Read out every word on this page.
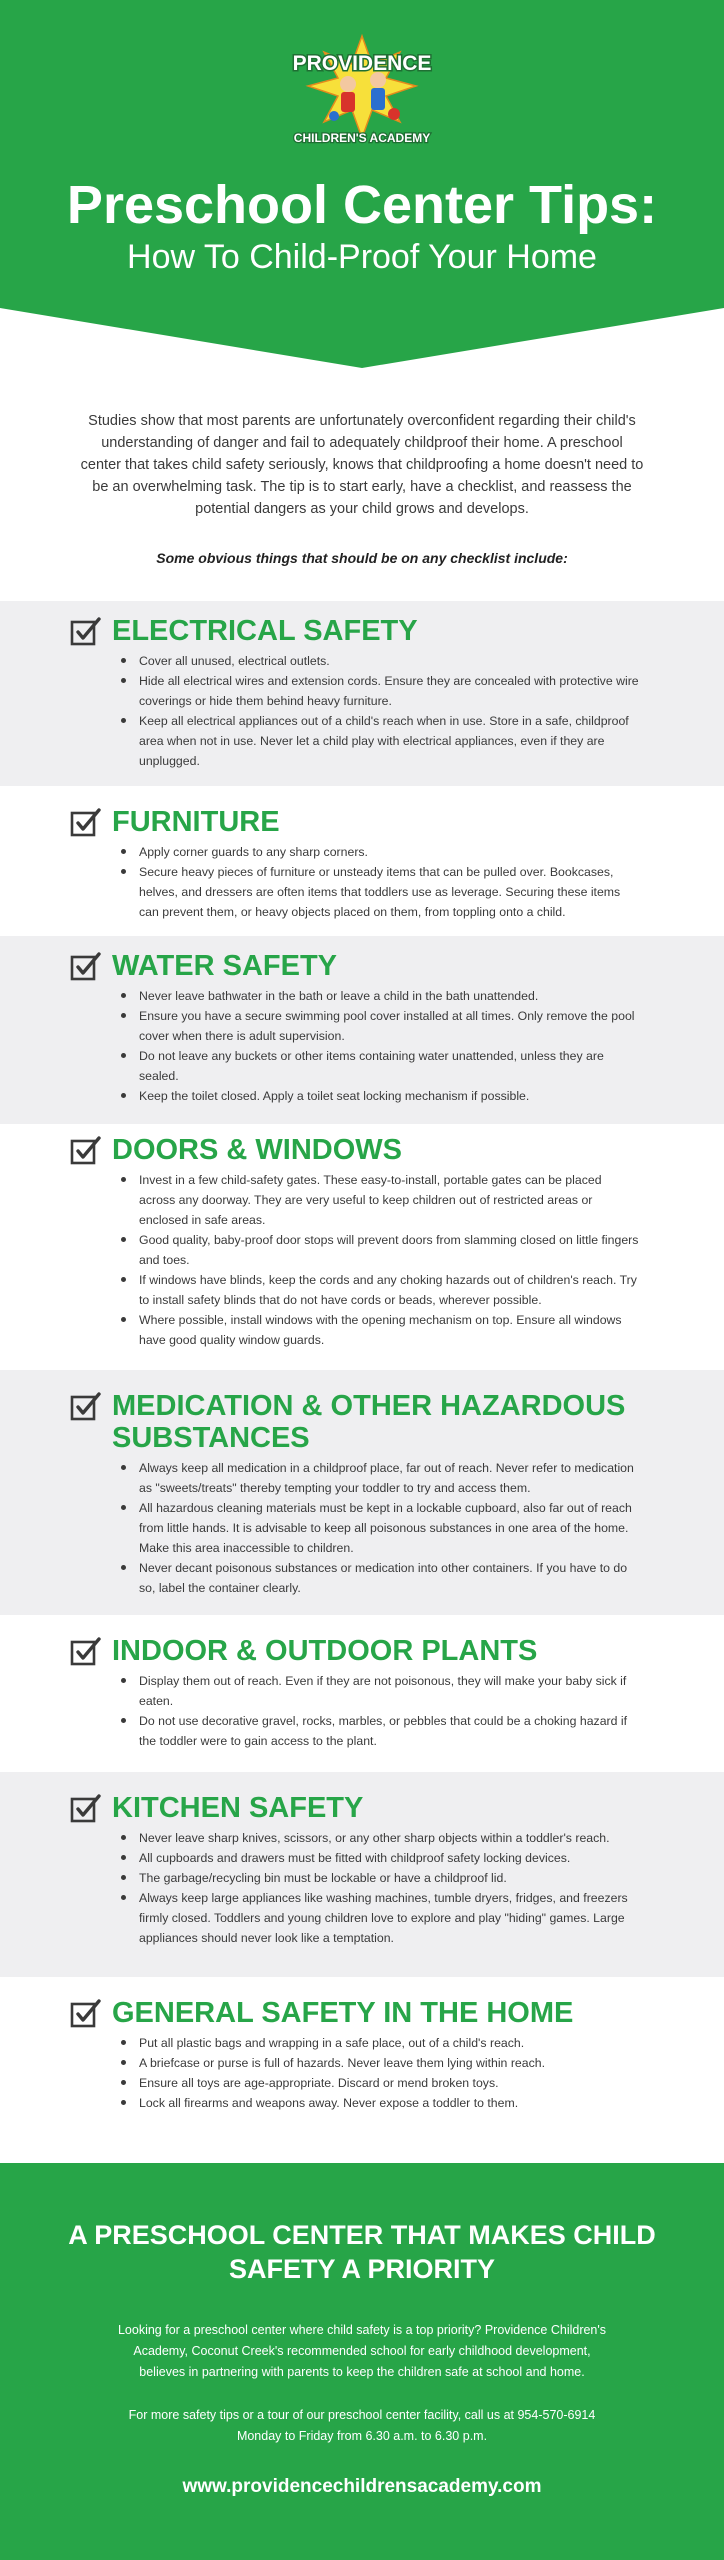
PROVIDENCE
CHILDREN'S ACADEMY
Preschool Center Tips:
How To Child-Proof Your Home

Studies show that most parents are unfortunately overconfident regarding their child's understanding of danger and fail to adequately childproof their home. A preschool center that takes child safety seriously, knows that childproofing a home doesn't need to be an overwhelming task. The tip is to start early, have a checklist, and reassess the potential dangers as your child grows and develops.

Some obvious things that should be on any checklist include:

ELECTRICAL SAFETY
Cover all unused, electrical outlets.
Hide all electrical wires and extension cords. Ensure they are concealed with protective wire coverings or hide them behind heavy furniture.
Keep all electrical appliances out of a child's reach when in use. Store in a safe, childproof area when not in use. Never let a child play with electrical appliances, even if they are unplugged.
FURNITURE
Apply corner guards to any sharp corners.
Secure heavy pieces of furniture or unsteady items that can be pulled over. Bookcases, helves, and dressers are often items that toddlers use as leverage. Securing these items can prevent them, or heavy objects placed on them, from toppling onto a child.
WATER SAFETY
Never leave bathwater in the bath or leave a child in the bath unattended.
Ensure you have a secure swimming pool cover installed at all times. Only remove the pool cover when there is adult supervision.
Do not leave any buckets or other items containing water unattended, unless they are sealed.
Keep the toilet closed. Apply a toilet seat locking mechanism if possible.
DOORS & WINDOWS
Invest in a few child-safety gates. These easy-to-install, portable gates can be placed across any doorway. They are very useful to keep children out of restricted areas or enclosed in safe areas.
Good quality, baby-proof door stops will prevent doors from slamming closed on little fingers and toes.
If windows have blinds, keep the cords and any choking hazards out of children's reach. Try to install safety blinds that do not have cords or beads, wherever possible.
Where possible, install windows with the opening mechanism on top. Ensure all windows have good quality window guards.
MEDICATION & OTHER HAZARDOUS SUBSTANCES
Always keep all medication in a childproof place, far out of reach. Never refer to medication as "sweets/treats" thereby tempting your toddler to try and access them.
All hazardous cleaning materials must be kept in a lockable cupboard, also far out of reach from little hands. It is advisable to keep all poisonous substances in one area of the home. Make this area inaccessible to children.
Never decant poisonous substances or medication into other containers. If you have to do so, label the container clearly.
INDOOR & OUTDOOR PLANTS
Display them out of reach. Even if they are not poisonous, they will make your baby sick if eaten.
Do not use decorative gravel, rocks, marbles, or pebbles that could be a choking hazard if the toddler were to gain access to the plant.
KITCHEN SAFETY
Never leave sharp knives, scissors, or any other sharp objects within a toddler's reach.
All cupboards and drawers must be fitted with childproof safety locking devices.
The garbage/recycling bin must be lockable or have a childproof lid.
Always keep large appliances like washing machines, tumble dryers, fridges, and freezers firmly closed. Toddlers and young children love to explore and play "hiding" games. Large appliances should never look like a temptation.
GENERAL SAFETY IN THE HOME
Put all plastic bags and wrapping in a safe place, out of a child's reach.
A briefcase or purse is full of hazards. Never leave them lying within reach.
Ensure all toys are age-appropriate. Discard or mend broken toys.
Lock all firearms and weapons away. Never expose a toddler to them.
A PRESCHOOL CENTER THAT MAKES CHILD SAFETY A PRIORITY

Looking for a preschool center where child safety is a top priority? Providence Children's Academy, Coconut Creek's recommended school for early childhood development, believes in partnering with parents to keep the children safe at school and home.

For more safety tips or a tour of our preschool center facility, call us at 954-570-6914 Monday to Friday from 6.30 a.m. to 6.30 p.m.

www.providencechildrensacademy.com
